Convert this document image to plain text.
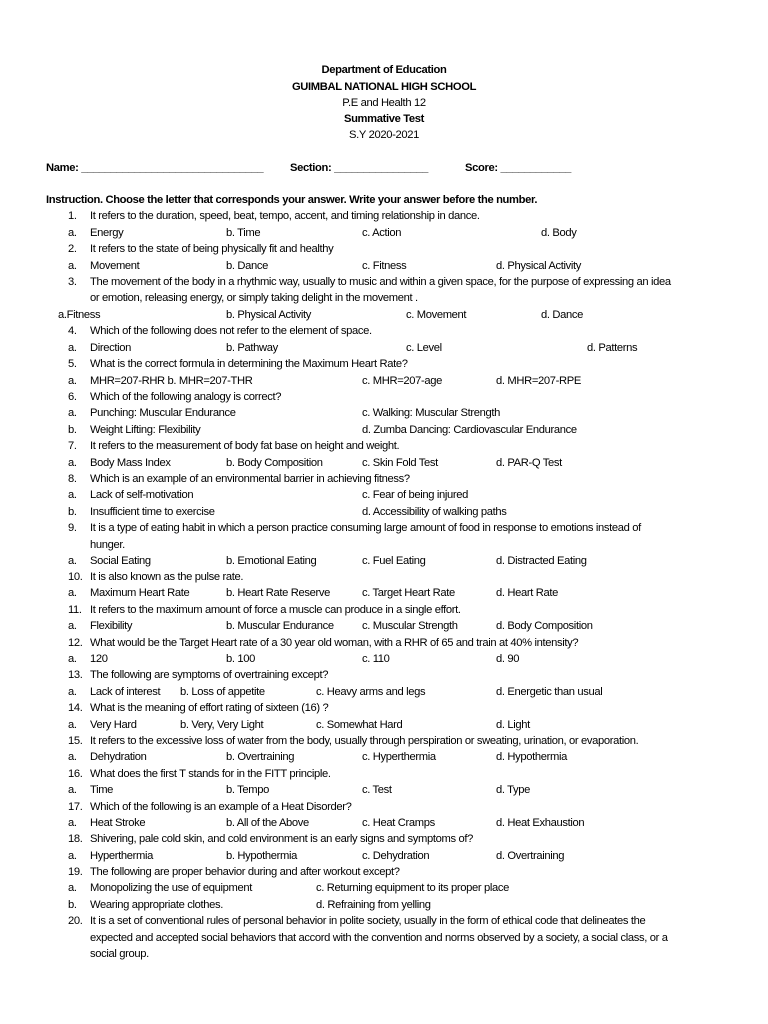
Department of Education
GUIMBAL NATIONAL HIGH SCHOOL
P.E and Health 12
Summative Test
S.Y 2020-2021
Name: _______________________________ Section: ________________	Score: ____________
Instruction. Choose the letter that corresponds your answer. Write your answer before the number.
1. It refers to the duration, speed, beat, tempo, accent, and timing relationship in dance.
a. Energy	b. Time	c. Action	d. Body
2. It refers to the state of being physically fit and healthy
a. Movement	b. Dance	c. Fitness	d. Physical Activity
3. The movement of the body in a rhythmic way, usually to music and within a given space, for the purpose of expressing an idea
or emotion, releasing energy, or simply taking delight in the movement .
a.Fitness	b. Physical Activity	c. Movement	d. Dance
4. Which of the following does not refer to the element of space.
a. Direction	b. Pathway	c. Level	d. Patterns
5. What is the correct formula in determining the Maximum Heart Rate?
a. MHR=207-RHR b. MHR=207-THR	c. MHR=207-age	d. MHR=207-RPE
6. Which of the following analogy is correct?
a. Punching: Muscular Endurance	c. Walking: Muscular Strength
b. Weight Lifting: Flexibility	d. Zumba Dancing: Cardiovascular Endurance
7. It refers to the measurement of body fat base on height and weight.
a. Body Mass Index	b. Body Composition	c. Skin Fold Test	d. PAR-Q Test
8. Which is an example of an environmental barrier in achieving fitness?
a. Lack of self-motivation	c. Fear of being injured
b. Insufficient time to exercise	d. Accessibility of walking paths
9. It is a type of eating habit in which a person practice consuming large amount of food in response to emotions instead of
hunger.
a. Social Eating	b. Emotional Eating	c. Fuel Eating	d. Distracted Eating
10. It is also known as the pulse rate.
a. Maximum Heart Rate	b. Heart Rate Reserve	c. Target Heart Rate	d. Heart Rate
11. It refers to the maximum amount of force a muscle can produce in a single effort.
a. Flexibility	b. Muscular Endurance	c. Muscular Strength	d. Body Composition
12. What would be the Target Heart rate of a 30 year old woman, with a RHR of 65 and train at 40% intensity?
a. 120	b. 100	c. 110	d. 90
13. The following are symptoms of overtraining except?
a. Lack of interest b. Loss of appetite	c. Heavy arms and legs	d. Energetic than usual
14. What is the meaning of effort rating of sixteen (16) ?
a. Very Hard	b. Very, Very Light	c. Somewhat Hard	d. Light
15. It refers to the excessive loss of water from the body, usually through perspiration or sweating, urination, or evaporation.
a. Dehydration	b. Overtraining	c. Hyperthermia	d. Hypothermia
16. What does the first T stands for in the FITT principle.
a. Time	b. Tempo	c. Test	d. Type
17. Which of the following is an example of a Heat Disorder?
a. Heat Stroke	b. All of the Above	c. Heat Cramps	d. Heat Exhaustion
18. Shivering, pale cold skin, and cold environment is an early signs and symptoms of?
a. Hyperthermia	b. Hypothermia	c. Dehydration	d. Overtraining
19. The following are proper behavior during and after workout except?
a. Monopolizing the use of equipment	c. Returning equipment to its proper place
b. Wearing appropriate clothes.	d. Refraining from yelling
20. It is a set of conventional rules of personal behavior in polite society, usually in the form of ethical code that delineates the
expected and accepted social behaviors that accord with the convention and norms observed by a society, a social class, or a
social group.
